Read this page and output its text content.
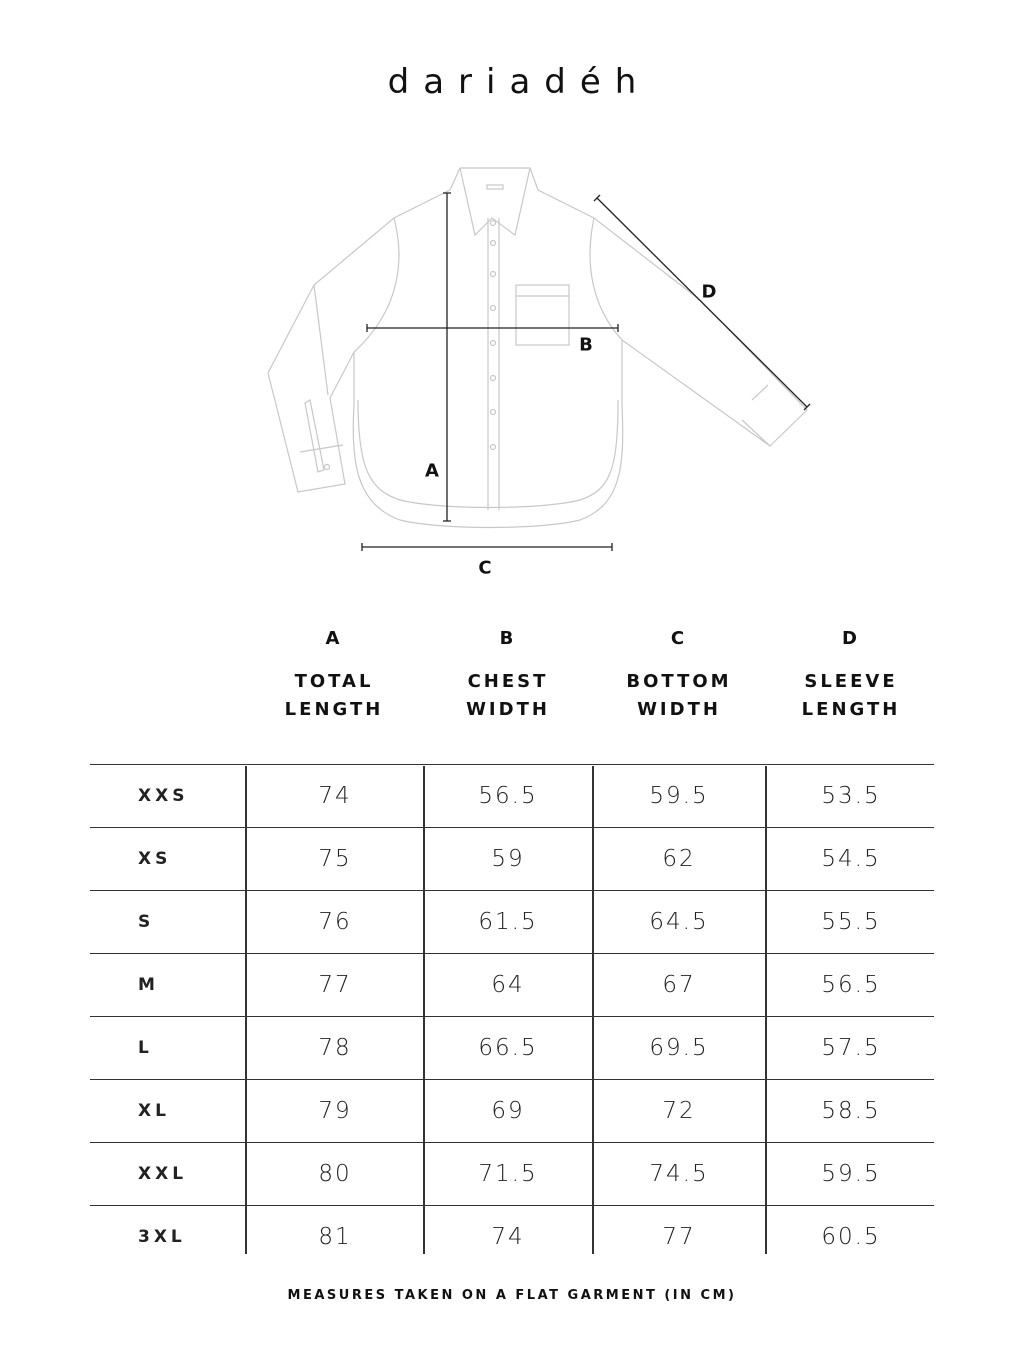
dariadéh
A
B
C
D
A
TOTAL
LENGTH
B
CHEST
WIDTH
C
BOTTOM
WIDTH
D
SLEEVE
LENGTH
XXS	74	56.5	59.5	53.5
XS	75	59	62	54.5
S	76	61.5	64.5	55.5
M	77	64	67	56.5
L	78	66.5	69.5	57.5
XL	79	69	72	58.5
XXL	80	71.5	74.5	59.5
3XL	81	74	77	60.5
MEASURES TAKEN ON A FLAT GARMENT (IN CM)
